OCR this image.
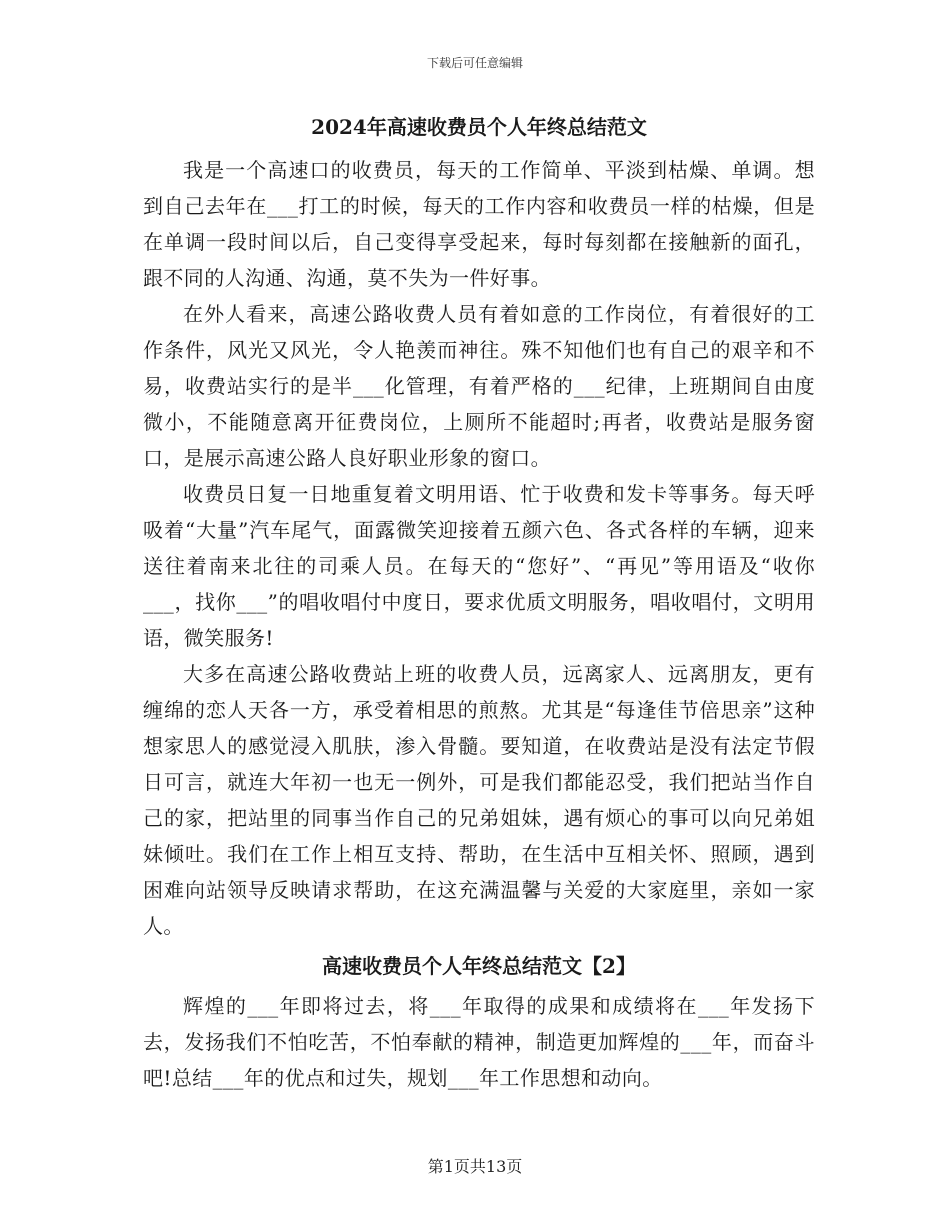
下载后可任意编辑
2024年高速收费员个人年终总结范文

我是一个高速口的收费员，每天的工作简单、平淡到枯燥、单调。想到自己去年在___打工的时候，每天的工作内容和收费员一样的枯燥，但是在单调一段时间以后，自己变得享受起来，每时每刻都在接触新的面孔，跟不同的人沟通、沟通，莫不失为一件好事。

在外人看来，高速公路收费人员有着如意的工作岗位，有着很好的工作条件，风光又风光，令人艳羡而神往。殊不知他们也有自己的艰辛和不易，收费站实行的是半___化管理，有着严格的___纪律，上班期间自由度微小，不能随意离开征费岗位，上厕所不能超时;再者，收费站是服务窗口，是展示高速公路人良好职业形象的窗口。

收费员日复一日地重复着文明用语、忙于收费和发卡等事务。每天呼吸着“大量”汽车尾气，面露微笑迎接着五颜六色、各式各样的车辆，迎来送往着南来北往的司乘人员。在每天的“您好”、“再见”等用语及“收你___，找你___”的唱收唱付中度日，要求优质文明服务，唱收唱付，文明用语，微笑服务!

大多在高速公路收费站上班的收费人员，远离家人、远离朋友，更有缠绵的恋人天各一方，承受着相思的煎熬。尤其是“每逢佳节倍思亲”这种想家思人的感觉浸入肌肤，渗入骨髓。要知道，在收费站是没有法定节假日可言，就连大年初一也无一例外，可是我们都能忍受，我们把站当作自己的家，把站里的同事当作自己的兄弟姐妹，遇有烦心的事可以向兄弟姐妹倾吐。我们在工作上相互支持、帮助，在生活中互相关怀、照顾，遇到困难向站领导反映请求帮助，在这充满温馨与关爱的大家庭里，亲如一家人。

高速收费员个人年终总结范文【2】

辉煌的___年即将过去，将___年取得的成果和成绩将在___年发扬下去，发扬我们不怕吃苦，不怕奉献的精神，制造更加辉煌的___年，而奋斗吧!总结___年的优点和过失，规划___年工作思想和动向。

第1页共13页
